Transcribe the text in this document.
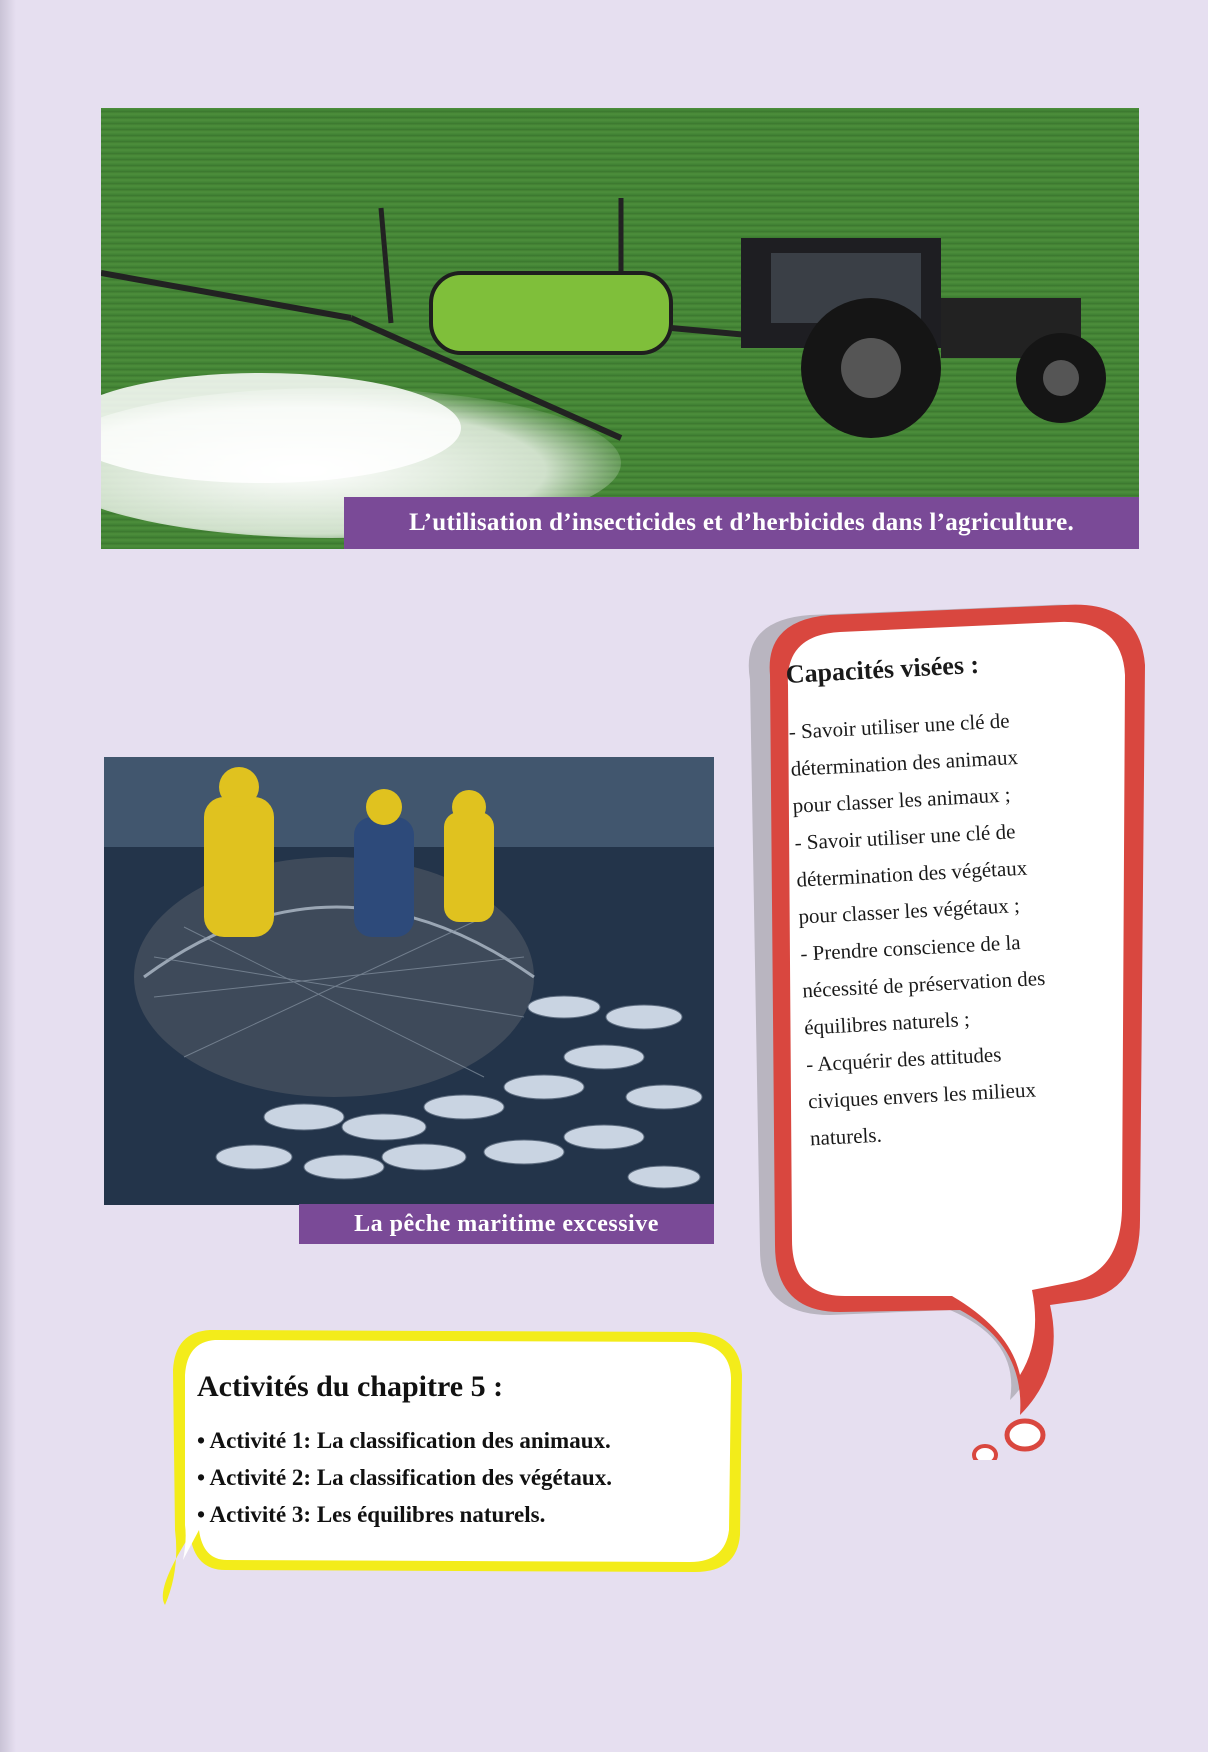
L’utilisation d’insecticides et d’herbicides dans l’agriculture.
La pêche maritime excessive
Capacités visées :
- Savoir utiliser une clé de
détermination des animaux
pour classer les animaux ;
- Savoir utiliser une clé de
détermination des végétaux
pour classer les végétaux ;
- Prendre conscience de la
nécessité de préservation des
équilibres naturels ;
- Acquérir des attitudes
civiques envers les milieux
naturels.
Activités du chapitre 5 :
• Activité 1: La classification des animaux.
• Activité 2: La classification des végétaux.
• Activité 3: Les équilibres naturels.
